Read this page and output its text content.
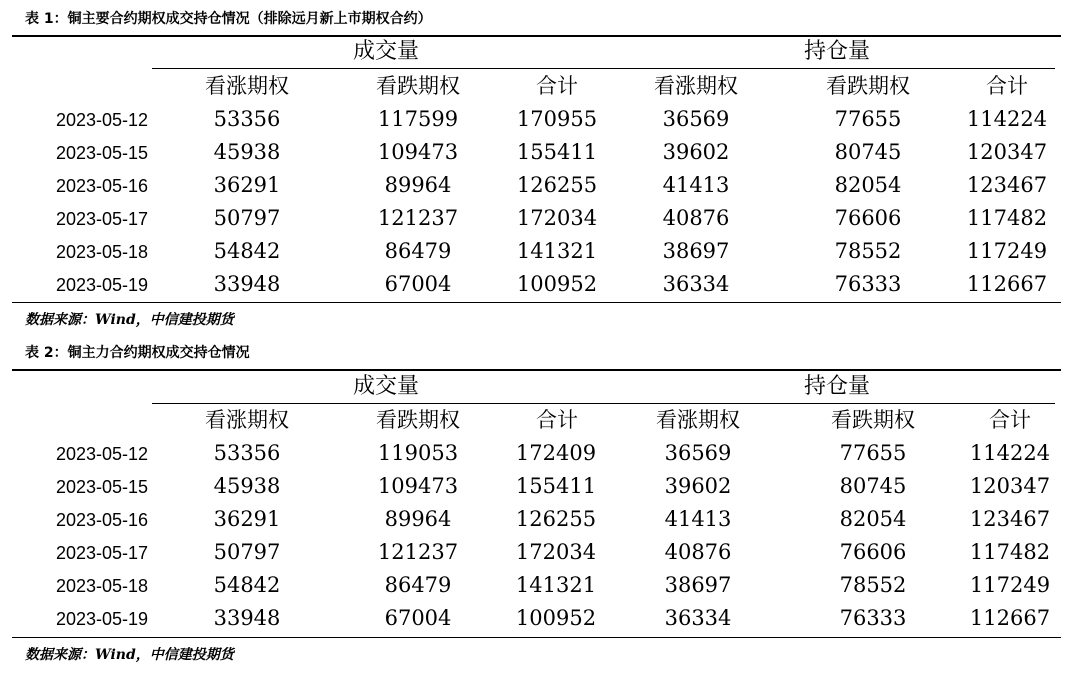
表 1：铜主要合约期权成交持仓情况（排除远月新上市期权合约）
成交量	持仓量
看涨期权	看跌期权	合计	看涨期权	看跌期权	合计
2023-05-12	53356	117599	170955	36569	77655	114224
2023-05-15	45938	109473	155411	39602	80745	120347
2023-05-16	36291	89964	126255	41413	82054	123467
2023-05-17	50797	121237	172034	40876	76606	117482
2023-05-18	54842	86479	141321	38697	78552	117249
2023-05-19	33948	67004	100952	36334	76333	112667
数据来源：Wind，中信建投期货
表 2：铜主力合约期权成交持仓情况
成交量	持仓量
看涨期权	看跌期权	合计	看涨期权	看跌期权	合计
2023-05-12	53356	119053	172409	36569	77655	114224
2023-05-15	45938	109473	155411	39602	80745	120347
2023-05-16	36291	89964	126255	41413	82054	123467
2023-05-17	50797	121237	172034	40876	76606	117482
2023-05-18	54842	86479	141321	38697	78552	117249
2023-05-19	33948	67004	100952	36334	76333	112667
数据来源：Wind，中信建投期货
